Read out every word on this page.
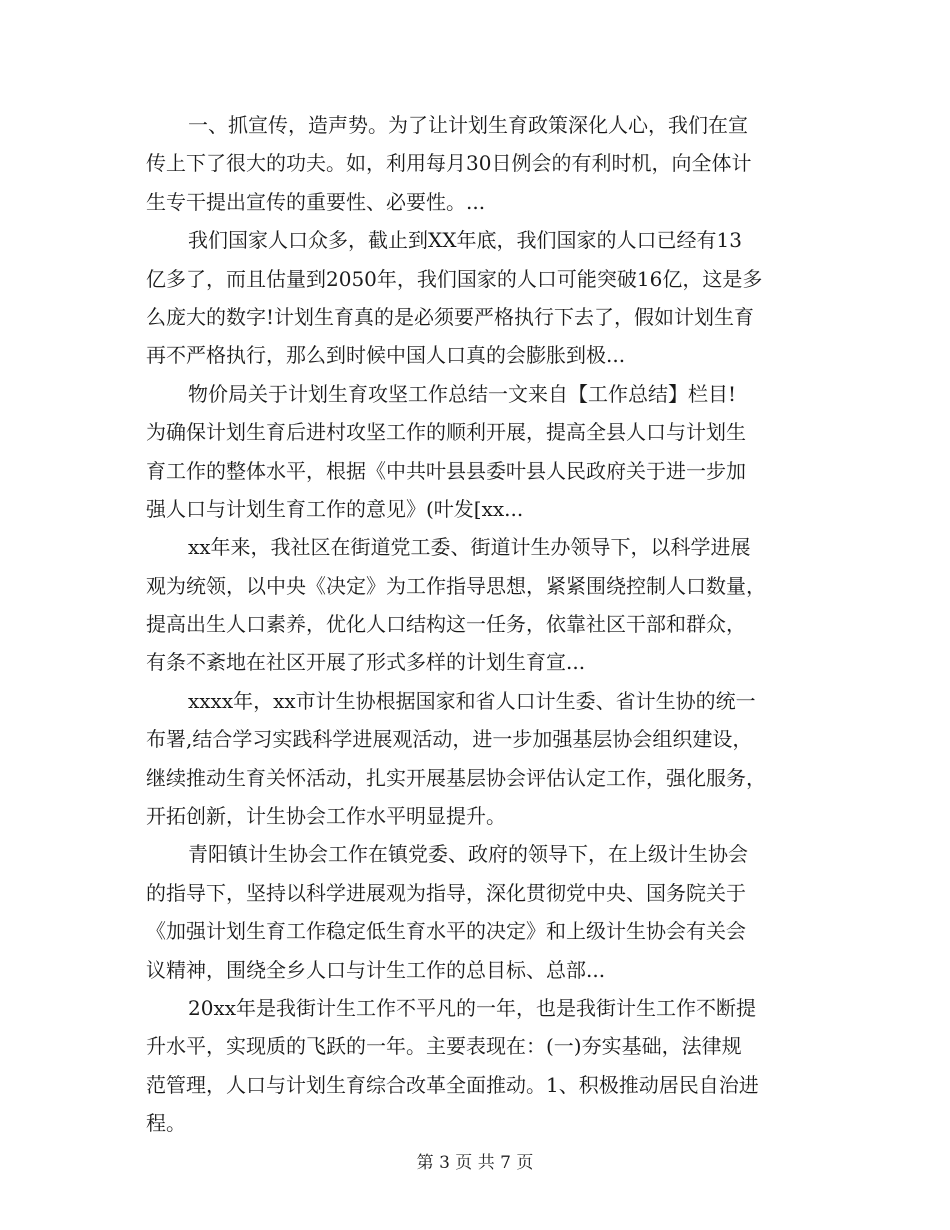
一、抓宣传，造声势。为了让计划生育政策深化人心，我们在宣
传上下了很大的功夫。如，利用每月30日例会的有利时机，向全体计
生专干提出宣传的重要性、必要性。...
我们国家人口众多，截止到XX年底，我们国家的人口已经有13
亿多了，而且估量到2050年，我们国家的人口可能突破16亿，这是多
么庞大的数字!计划生育真的是必须要严格执行下去了，假如计划生育
再不严格执行，那么到时候中国人口真的会膨胀到极...
物价局关于计划生育攻坚工作总结一文来自【工作总结】栏目!
为确保计划生育后进村攻坚工作的顺利开展，提高全县人口与计划生
育工作的整体水平，根据《中共叶县县委叶县人民政府关于进一步加
强人口与计划生育工作的意见》(叶发[xx...
xx年来，我社区在街道党工委、街道计生办领导下，以科学进展
观为统领，以中央《决定》为工作指导思想，紧紧围绕控制人口数量，
提高出生人口素养，优化人口结构这一任务，依靠社区干部和群众，
有条不紊地在社区开展了形式多样的计划生育宣...
xxxx年，xx市计生协根据国家和省人口计生委、省计生协的统一
布署,结合学习实践科学进展观活动，进一步加强基层协会组织建设，
继续推动生育关怀活动，扎实开展基层协会评估认定工作，强化服务，
开拓创新，计生协会工作水平明显提升。
青阳镇计生协会工作在镇党委、政府的领导下，在上级计生协会
的指导下，坚持以科学进展观为指导，深化贯彻党中央、国务院关于
《加强计划生育工作稳定低生育水平的决定》和上级计生协会有关会
议精神，围绕全乡人口与计生工作的总目标、总部...
20xx年是我街计生工作不平凡的一年，也是我街计生工作不断提
升水平，实现质的飞跃的一年。主要表现在：(一)夯实基础，法律规
范管理，人口与计划生育综合改革全面推动。1、积极推动居民自治进
程。
第 3 页 共 7 页
